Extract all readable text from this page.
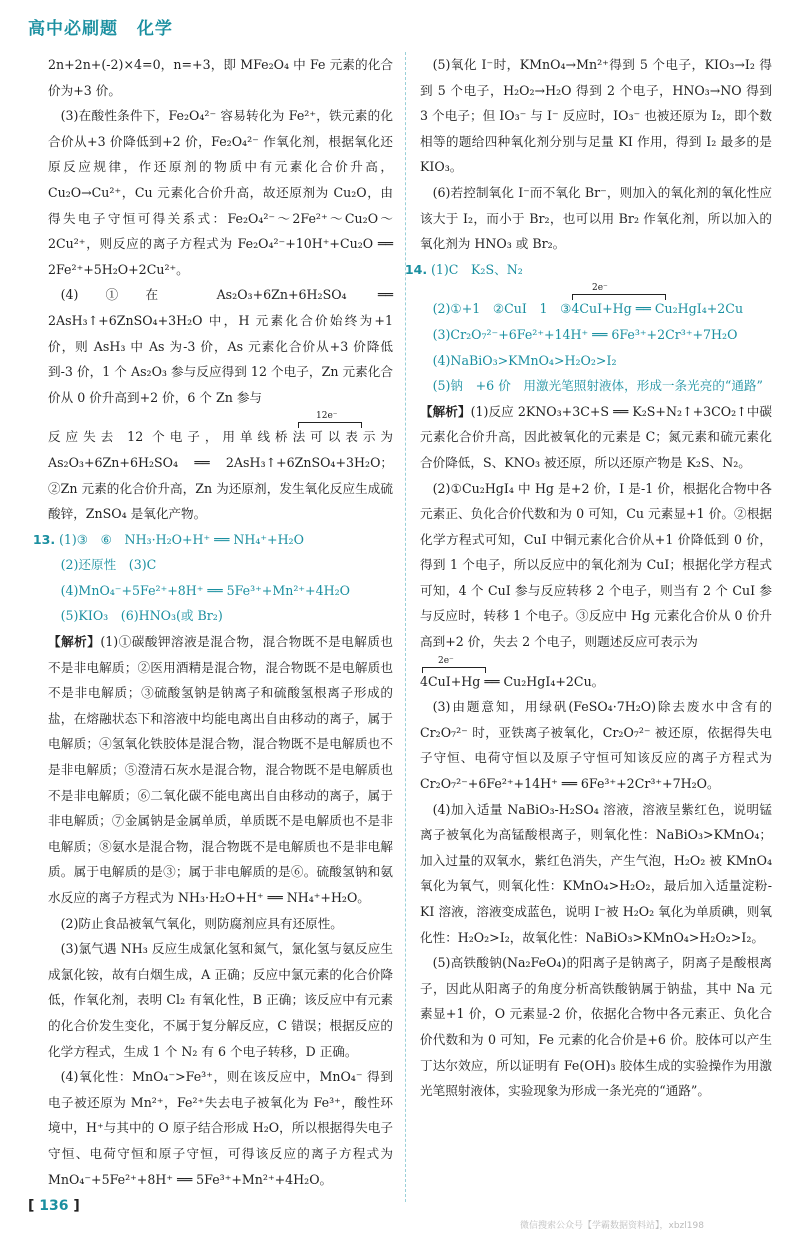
高中必刷题 化学

2n+2n+(-2)×4=0，n=+3，即 MFe₂O₄ 中 Fe 元素的化合价为+3 价。

(3)在酸性条件下，Fe₂O₄²⁻ 容易转化为 Fe²⁺，铁元素的化合价从+3 价降低到+2 价，Fe₂O₄²⁻ 作氧化剂，根据氧化还原反应规律，作还原剂的物质中有元素化合价升高，Cu₂O→Cu²⁺，Cu 元素化合价升高，故还原剂为 Cu₂O，由得失电子守恒可得关系式：Fe₂O₄²⁻～2Fe²⁺～Cu₂O～2Cu²⁺，则反应的离子方程式为 Fe₂O₄²⁻+10H⁺+Cu₂O ══ 2Fe²⁺+5H₂O+2Cu²⁺。

(4)①在 As₂O₃+6Zn+6H₂SO₄ ══ 2AsH₃↑+6ZnSO₄+3H₂O 中，H 元素化合价始终为+1 价，则 AsH₃ 中 As 为-3 价，As 元素化合价从+3 价降低到-3 价，1 个 As₂O₃ 参与反应得到 12 个电子，Zn 元素化合价从 0 价升高到+2 价，6 个 Zn 参与

12e⁻

反应失去 12 个电子，用单线桥法可以表示为 As₂O₃+6Zn+6H₂SO₄ ══ 2AsH₃↑+6ZnSO₄+3H₂O；②Zn 元素的化合价升高，Zn 为还原剂，发生氧化反应生成硫酸锌，ZnSO₄ 是氧化产物。

13. (1)③　⑥　NH₃·H₂O+H⁺ ══ NH₄⁺+H₂O

(2)还原性　(3)C

(4)MnO₄⁻+5Fe²⁺+8H⁺ ══ 5Fe³⁺+Mn²⁺+4H₂O

(5)KIO₃　(6)HNO₃(或 Br₂)

【解析】(1)①碳酸钾溶液是混合物，混合物既不是电解质也不是非电解质；②医用酒精是混合物，混合物既不是电解质也不是非电解质；③硫酸氢钠是钠离子和硫酸氢根离子形成的盐，在熔融状态下和溶液中均能电离出自由移动的离子，属于电解质；④氢氧化铁胶体是混合物，混合物既不是电解质也不是非电解质；⑤澄清石灰水是混合物，混合物既不是电解质也不是非电解质；⑥二氧化碳不能电离出自由移动的离子，属于非电解质；⑦金属钠是金属单质，单质既不是电解质也不是非电解质；⑧氨水是混合物，混合物既不是电解质也不是非电解质。属于电解质的是③；属于非电解质的是⑥。硫酸氢钠和氨水反应的离子方程式为 NH₃·H₂O+H⁺ ══ NH₄⁺+H₂O。

(2)防止食品被氧气氧化，则防腐剂应具有还原性。

(3)氯气遇 NH₃ 反应生成氯化氢和氮气，氯化氢与氨反应生成氯化铵，故有白烟生成，A 正确；反应中氯元素的化合价降低，作氧化剂，表明 Cl₂ 有氧化性，B 正确；该反应中有元素的化合价发生变化，不属于复分解反应，C 错误；根据反应的化学方程式，生成 1 个 N₂ 有 6 个电子转移，D 正确。

(4)氧化性：MnO₄⁻>Fe³⁺，则在该反应中，MnO₄⁻ 得到电子被还原为 Mn²⁺，Fe²⁺失去电子被氧化为 Fe³⁺，酸性环境中，H⁺与其中的 O 原子结合形成 H₂O，所以根据得失电子守恒、电荷守恒和原子守恒，可得该反应的离子方程式为 MnO₄⁻+5Fe²⁺+8H⁺ ══ 5Fe³⁺+Mn²⁺+4H₂O。

(5)氧化 I⁻时，KMnO₄→Mn²⁺得到 5 个电子，KIO₃→I₂ 得到 5 个电子，H₂O₂→H₂O 得到 2 个电子，HNO₃→NO 得到 3 个电子；但 IO₃⁻ 与 I⁻ 反应时，IO₃⁻ 也被还原为 I₂，即个数相等的题给四种氧化剂分别与足量 KI 作用，得到 I₂ 最多的是 KIO₃。

(6)若控制氧化 I⁻而不氧化 Br⁻，则加入的氧化剂的氧化性应该大于 I₂，而小于 Br₂，也可以用 Br₂ 作氧化剂，所以加入的氧化剂为 HNO₃ 或 Br₂。

14. (1)C　K₂S、N₂

2e⁻

(2)①+1　②CuI　1　③4CuI+Hg ══ Cu₂HgI₄+2Cu

(3)Cr₂O₇²⁻+6Fe²⁺+14H⁺ ══ 6Fe³⁺+2Cr³⁺+7H₂O

(4)NaBiO₃>KMnO₄>H₂O₂>I₂

(5)钠　+6 价　用激光笔照射液体，形成一条光亮的“通路”

【解析】(1)反应 2KNO₃+3C+S ══ K₂S+N₂↑+3CO₂↑中碳元素化合价升高，因此被氧化的元素是 C；氮元素和硫元素化合价降低，S、KNO₃ 被还原，所以还原产物是 K₂S、N₂。

(2)①Cu₂HgI₄ 中 Hg 是+2 价，I 是-1 价，根据化合物中各元素正、负化合价代数和为 0 可知，Cu 元素显+1 价。②根据化学方程式可知，CuI 中铜元素化合价从+1 价降低到 0 价，得到 1 个电子，所以反应中的氧化剂为 CuI；根据化学方程式可知，4 个 CuI 参与反应转移 2 个电子，则当有 2 个 CuI 参与反应时，转移 1 个电子。③反应中 Hg 元素化合价从 0 价升高到+2 价，失去 2 个电子，则题述反应可表示为

2e⁻

4CuI+Hg ══ Cu₂HgI₄+2Cu。

(3)由题意知，用绿矾(FeSO₄·7H₂O)除去废水中含有的 Cr₂O₇²⁻ 时，亚铁离子被氧化，Cr₂O₇²⁻ 被还原，依据得失电子守恒、电荷守恒以及原子守恒可知该反应的离子方程式为 Cr₂O₇²⁻+6Fe²⁺+14H⁺ ══ 6Fe³⁺+2Cr³⁺+7H₂O。

(4)加入适量 NaBiO₃-H₂SO₄ 溶液，溶液呈紫红色，说明锰离子被氧化为高锰酸根离子，则氧化性：NaBiO₃>KMnO₄；加入过量的双氧水，紫红色消失，产生气泡，H₂O₂ 被 KMnO₄ 氧化为氧气，则氧化性：KMnO₄>H₂O₂，最后加入适量淀粉-KI 溶液，溶液变成蓝色，说明 I⁻被 H₂O₂ 氧化为单质碘，则氧化性：H₂O₂>I₂，故氧化性：NaBiO₃>KMnO₄>H₂O₂>I₂。

(5)高铁酸钠(Na₂FeO₄)的阳离子是钠离子，阴离子是酸根离子，因此从阳离子的角度分析高铁酸钠属于钠盐，其中 Na 元素显+1 价，O 元素显-2 价，依据化合物中各元素正、负化合价代数和为 0 可知，Fe 元素的化合价是+6 价。胶体可以产生丁达尔效应，所以证明有 Fe(OH)₃ 胶体生成的实验操作为用激光笔照射液体，实验现象为形成一条光亮的“通路”。

[ 136 ]
微信搜索公众号【学霸数据资料站】，xbzl198
